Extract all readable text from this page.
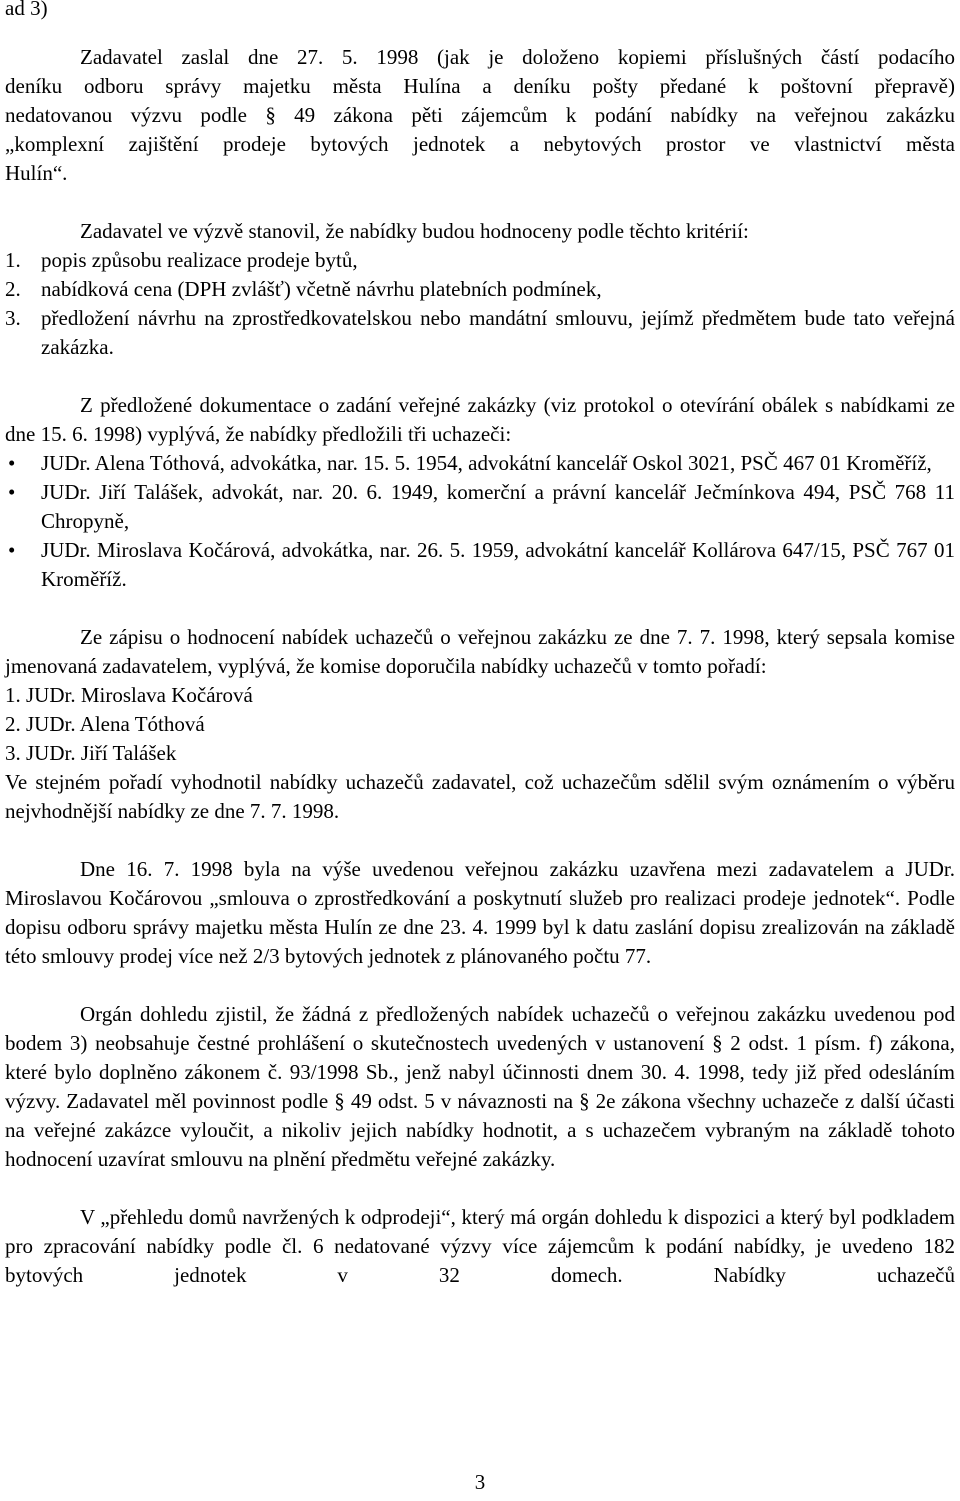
ad 3)

Zadavatel zaslal dne 27. 5. 1998 (jak je doloženo kopiemi příslušných částí podacího

deníku odboru správy majetku města Hulína a deníku pošty předané k poštovní přepravě)

nedatovanou výzvu podle § 49 zákona pěti zájemcům k podání nabídky na veřejnou zakázku

„komplexní zajištění prodeje bytových jednotek a nebytových prostor ve vlastnictví města

Hulín“.

Zadavatel ve výzvě stanovil, že nabídky budou hodnoceny podle těchto kritérií:

1. popis způsobu realizace prodeje bytů,

2. nabídková cena (DPH zvlášť) včetně návrhu platebních podmínek,

3. předložení návrhu na zprostředkovatelskou nebo mandátní smlouvu, jejímž předmětem bude tato veřejná zakázka.

Z předložené dokumentace o zadání veřejné zakázky (viz protokol o otevírání obálek s nabídkami ze dne 15. 6. 1998) vyplývá, že nabídky předložili tři uchazeči:

• JUDr. Alena Tóthová, advokátka, nar. 15. 5. 1954, advokátní kancelář Oskol 3021, PSČ 467 01 Kroměříž,

• JUDr. Jiří Talášek, advokát, nar. 20. 6. 1949, komerční a právní kancelář Ječmínkova 494, PSČ 768 11 Chropyně,

• JUDr. Miroslava Kočárová, advokátka, nar. 26. 5. 1959, advokátní kancelář Kollárova 647/15, PSČ 767 01 Kroměříž.

Ze zápisu o hodnocení nabídek uchazečů o veřejnou zakázku ze dne 7. 7. 1998, který sepsala komise jmenovaná zadavatelem, vyplývá, že komise doporučila nabídky uchazečů v tomto pořadí:

1. JUDr. Miroslava Kočárová

2. JUDr. Alena Tóthová

3. JUDr. Jiří Talášek

Ve stejném pořadí vyhodnotil nabídky uchazečů zadavatel, což uchazečům sdělil svým oznámením o výběru nejvhodnější nabídky ze dne 7. 7. 1998.

Dne 16. 7. 1998 byla na výše uvedenou veřejnou zakázku uzavřena mezi zadavatelem a JUDr. Miroslavou Kočárovou „smlouva o zprostředkování a poskytnutí služeb pro realizaci prodeje jednotek“. Podle dopisu odboru správy majetku města Hulín ze dne 23. 4. 1999 byl k datu zaslání dopisu zrealizován na základě této smlouvy prodej více než 2/3 bytových jednotek z plánovaného počtu 77.

Orgán dohledu zjistil, že žádná z předložených nabídek uchazečů o veřejnou zakázku uvedenou pod bodem 3) neobsahuje čestné prohlášení o skutečnostech uvedených v ustanovení § 2 odst. 1 písm. f) zákona, které bylo doplněno zákonem č. 93/1998 Sb., jenž nabyl účinnosti dnem 30. 4. 1998, tedy již před odesláním výzvy. Zadavatel měl povinnost podle § 49 odst. 5 v návaznosti na § 2e zákona všechny uchazeče z další účasti na veřejné zakázce vyloučit, a nikoliv jejich nabídky hodnotit, a s uchazečem vybraným na základě tohoto hodnocení uzavírat smlouvu na plnění předmětu veřejné zakázky.

V „přehledu domů navržených k odprodeji“, který má orgán dohledu k dispozici a který byl podkladem pro zpracování nabídky podle čl. 6 nedatované výzvy více zájemcům k podání nabídky, je uvedeno 182 bytových jednotek v 32 domech. Nabídky uchazečů

3
